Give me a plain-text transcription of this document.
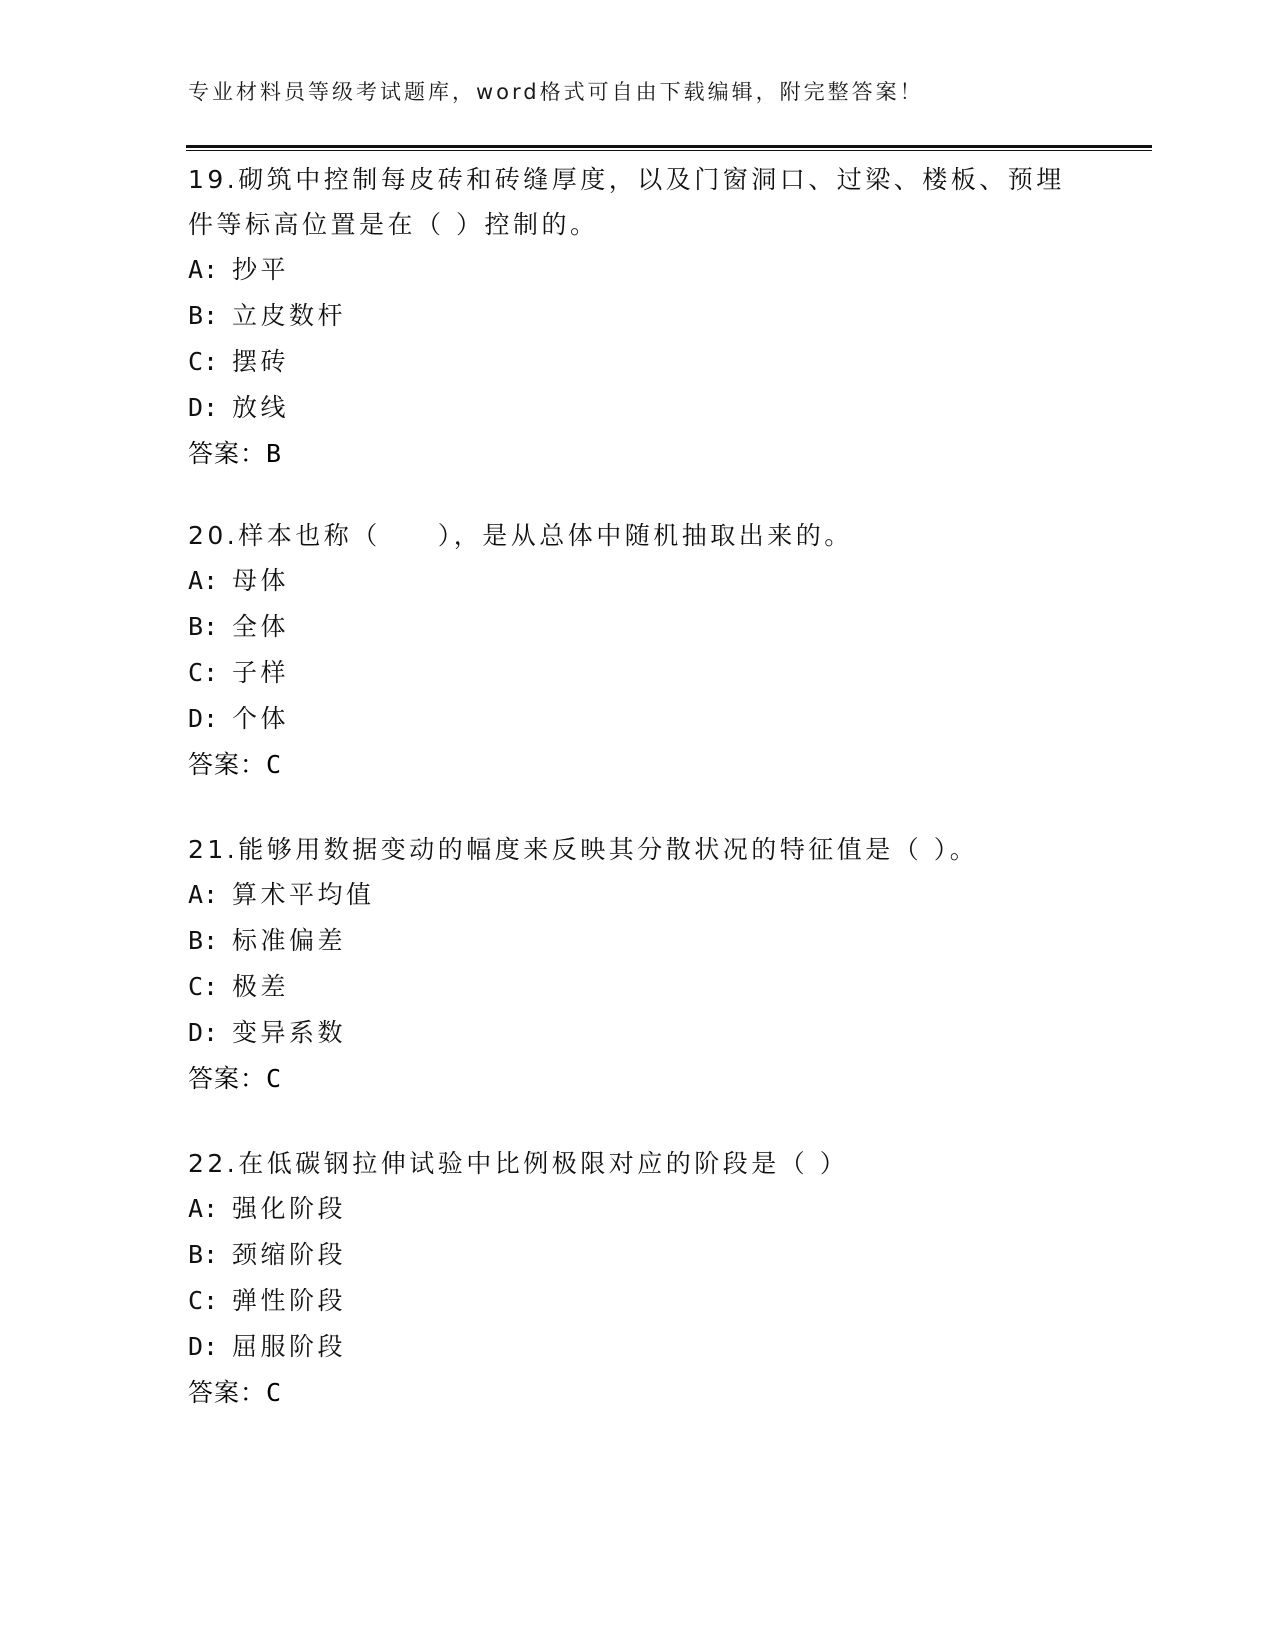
专业材料员等级考试题库，word格式可自由下载编辑，附完整答案！
19.砌筑中控制每皮砖和砖缝厚度，以及门窗洞口、过梁、楼板、预埋件等标高位置是在（ ）控制的。
A: 抄平
B: 立皮数杆
C: 摆砖
D: 放线
答案：B
20.样本也称（　　），是从总体中随机抽取出来的。
A: 母体
B: 全体
C: 子样
D: 个体
答案：C
21.能够用数据变动的幅度来反映其分散状况的特征值是（ ）。
A: 算术平均值
B: 标准偏差
C: 极差
D: 变异系数
答案：C
22.在低碳钢拉伸试验中比例极限对应的阶段是（ ）
A: 强化阶段
B: 颈缩阶段
C: 弹性阶段
D: 屈服阶段
答案：C
